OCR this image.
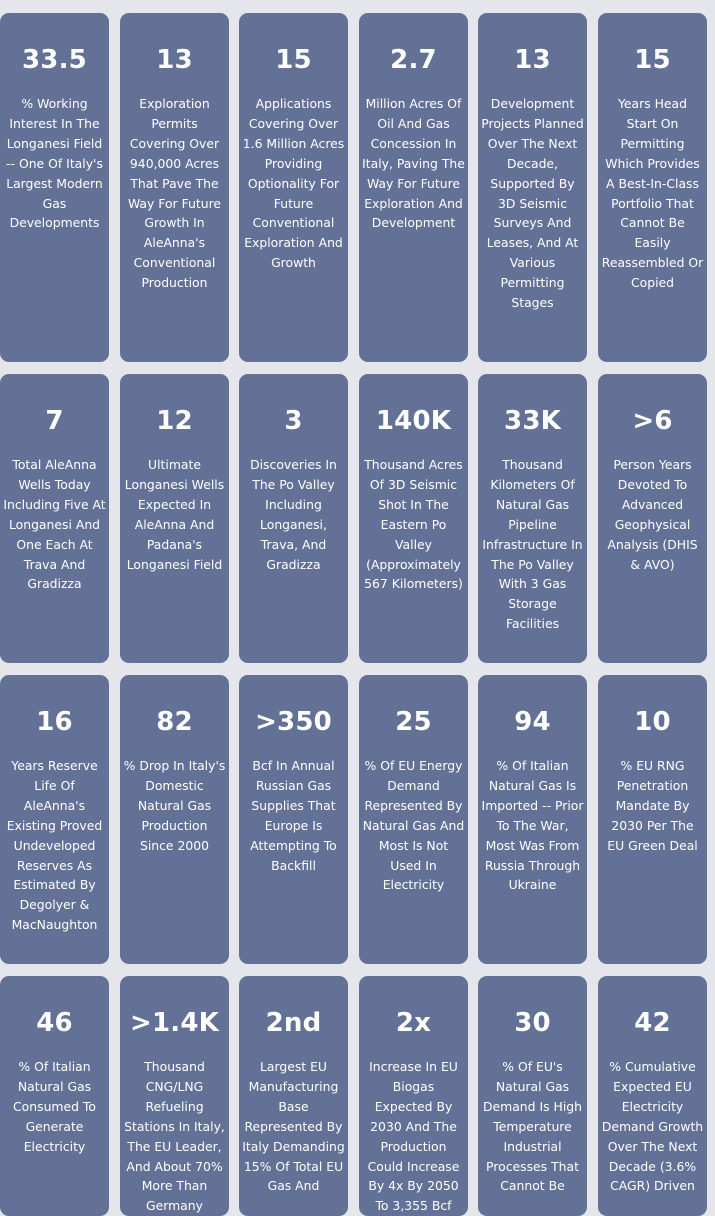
33.5
% Working Interest In The Longanesi Field -- One Of Italy's Largest Modern Gas Developments
13
Exploration Permits Covering Over 940,000 Acres That Pave The Way For Future Growth In AleAnna's Conventional Production
15
Applications Covering Over 1.6 Million Acres Providing Optionality For Future Conventional Exploration And Growth
2.7
Million Acres Of Oil And Gas Concession In Italy, Paving The Way For Future Exploration And Development
13
Development Projects Planned Over The Next Decade, Supported By 3D Seismic Surveys And Leases, And At Various Permitting Stages
15
Years Head Start On Permitting Which Provides A Best-In-Class Portfolio That Cannot Be Easily Reassembled Or Copied
7
Total AleAnna Wells Today Including Five At Longanesi And One Each At Trava And Gradizza
12
Ultimate Longanesi Wells Expected In AleAnna And Padana's Longanesi Field
3
Discoveries In The Po Valley Including Longanesi, Trava, And Gradizza
140K
Thousand Acres Of 3D Seismic Shot In The Eastern Po Valley (Approximately 567 Kilometers)
33K
Thousand Kilometers Of Natural Gas Pipeline Infrastructure In The Po Valley With 3 Gas Storage Facilities
>6
Person Years Devoted To Advanced Geophysical Analysis (DHIS & AVO)
16
Years Reserve Life Of AleAnna's Existing Proved Undeveloped Reserves As Estimated By Degolyer & MacNaughton
82
% Drop In Italy's Domestic Natural Gas Production Since 2000
>350
Bcf In Annual Russian Gas Supplies That Europe Is Attempting To Backfill
25
% Of EU Energy Demand Represented By Natural Gas And Most Is Not Used In Electricity
94
% Of Italian Natural Gas Is Imported -- Prior To The War, Most Was From Russia Through Ukraine
10
% EU RNG Penetration Mandate By 2030 Per The EU Green Deal
46
% Of Italian Natural Gas Consumed To Generate Electricity
>1.4K
Thousand CNG/LNG Refueling Stations In Italy, The EU Leader, And About 70% More Than Germany
2nd
Largest EU Manufacturing Base Represented By Italy Demanding 15% Of Total EU Gas And
2x
Increase In EU Biogas Expected By 2030 And The Production Could Increase By 4x By 2050 To 3,355 Bcf
30
% Of EU's Natural Gas Demand Is High Temperature Industrial Processes That Cannot Be
42
% Cumulative Expected EU Electricity Demand Growth Over The Next Decade (3.6% CAGR) Driven
